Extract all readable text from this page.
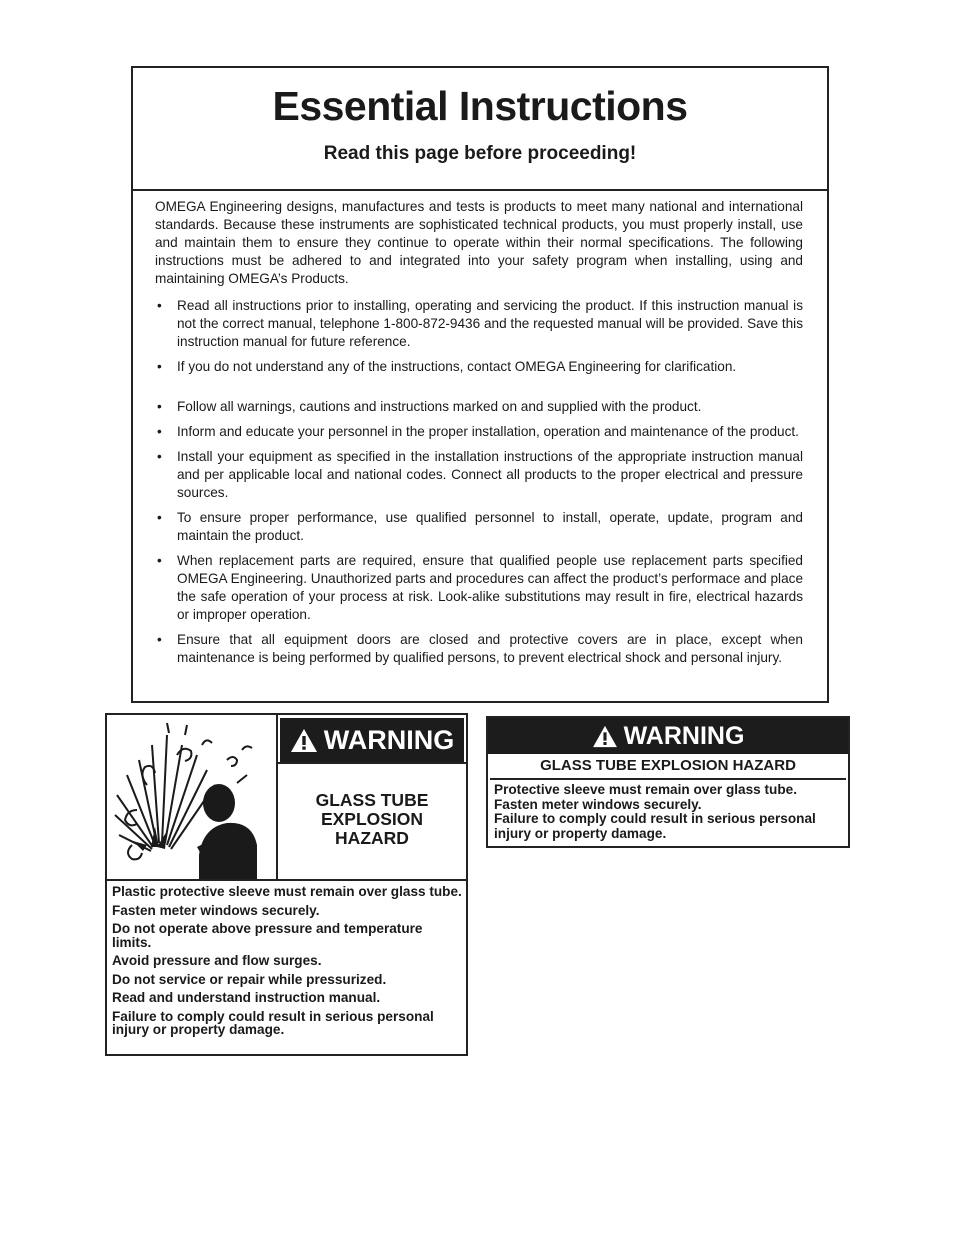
Essential Instructions
Read this page before proceeding!

OMEGA Engineering designs, manufactures and tests is products to meet many national and international standards. Because these instruments are sophisticated technical products, you must properly install, use and maintain them to ensure they continue to operate within their normal specifications. The following instructions must be adhered to and integrated into your safety program when installing, using and maintaining OMEGA’s Products.

• Read all instructions prior to installing, operating and servicing the product. If this instruction manual is not the correct manual, telephone 1-800-872-9436 and the requested manual will be provided. Save this instruction manual for future reference.
• If you do not understand any of the instructions, contact OMEGA Engineering for clarification.
• Follow all warnings, cautions and instructions marked on and supplied with the product.
• Inform and educate your personnel in the proper installation, operation and maintenance of the product.
• Install your equipment as specified in the installation instructions of the appropriate instruction manual and per applicable local and national codes. Connect all products to the proper electrical and pressure sources.
• To ensure proper performance, use qualified personnel to install, operate, update, program and maintain the product.
• When replacement parts are required, ensure that qualified people use replacement parts specified OMEGA Engineering. Unauthorized parts and procedures can affect the product’s performace and place the safe operation of your process at risk. Look-alike substitutions may result in fire, electrical hazards or improper operation.
• Ensure that all equipment doors are closed and protective covers are in place, except when maintenance is being performed by qualified persons, to prevent electrical shock and personal injury.
WARNING
GLASS TUBE
EXPLOSION
HAZARD
Plastic protective sleeve must remain over glass tube.
Fasten meter windows securely.
Do not operate above pressure and temperature limits.
Avoid pressure and flow surges.
Do not service or repair while pressurized.
Read and understand instruction manual.
Failure to comply could result in serious personal injury or property damage.
WARNING
GLASS TUBE EXPLOSION HAZARD
Protective sleeve must remain over glass tube.
Fasten meter windows securely.
Failure to comply could result in serious personal injury or property damage.
